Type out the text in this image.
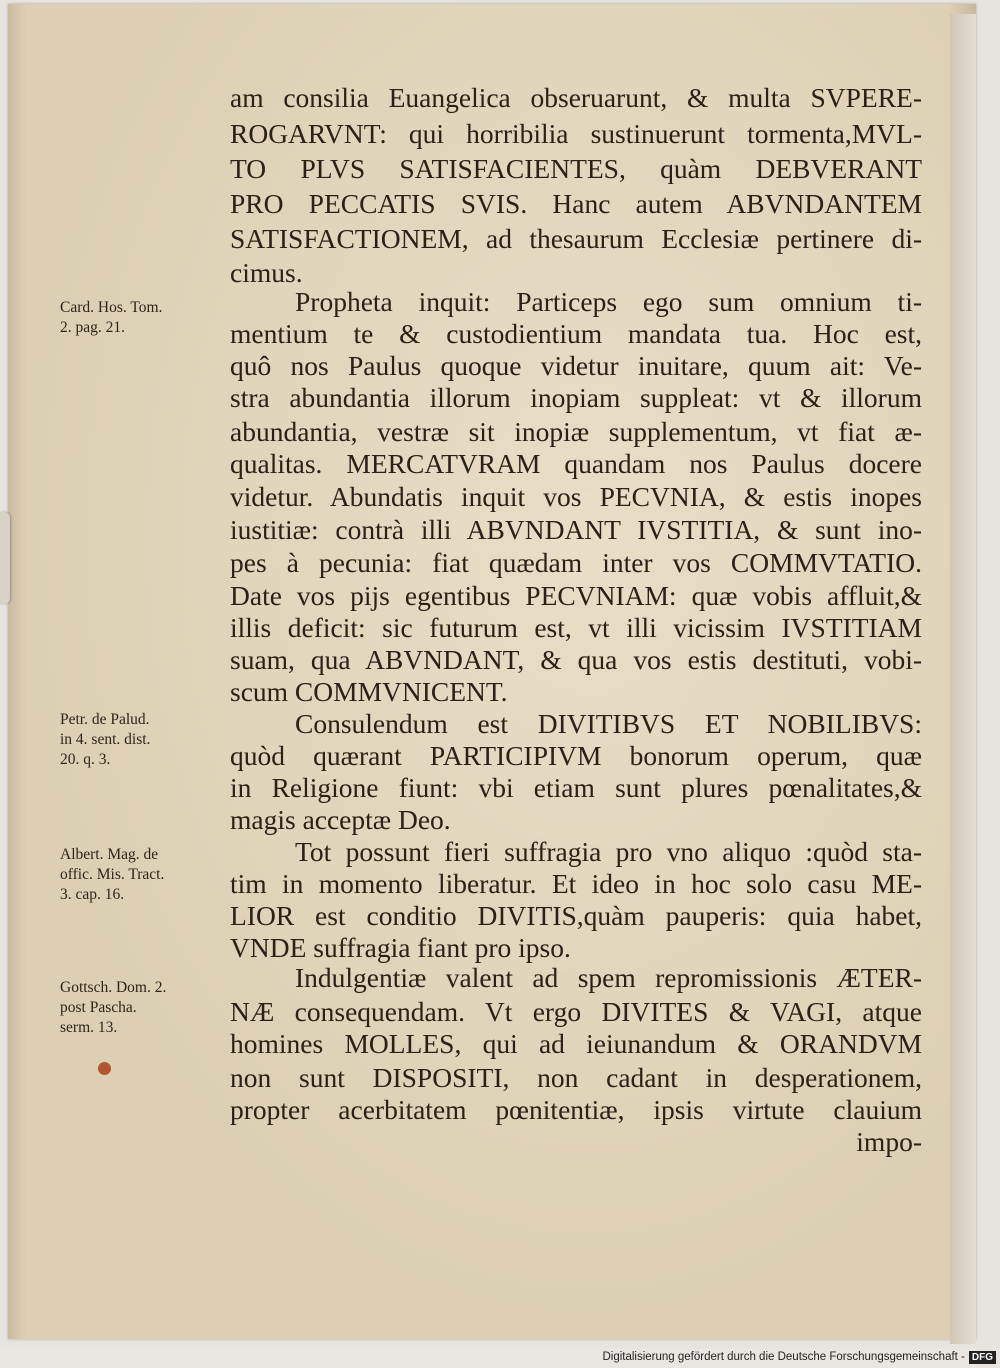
am consilia Euangelica obseruarunt, & multa SVPERE-
ROGARVNT: qui horribilia sustinuerunt tormenta,MVL-
TO PLVS SATISFACIENTES, quàm DEBVERANT
PRO PECCATIS SVIS. Hanc autem ABVNDANTEM
SATISFACTIONEM, ad thesaurum Ecclesiæ pertinere di-
cimus.
Propheta inquit: Particeps ego sum omnium ti-
mentium te & custodientium mandata tua. Hoc est,
quô nos Paulus quoque videtur inuitare, quum ait: Ve-
stra abundantia illorum inopiam suppleat: vt & illorum
abundantia, vestræ sit inopiæ supplementum, vt fiat æ-
qualitas. MERCATVRAM quandam nos Paulus docere
videtur. Abundatis inquit vos PECVNIA, & estis inopes
iustitiæ: contrà illi ABVNDANT IVSTITIA, & sunt ino-
pes à pecunia: fiat quædam inter vos COMMVTATIO.
Date vos pijs egentibus PECVNIAM: quæ vobis affluit,&
illis deficit: sic futurum est, vt illi vicissim IVSTITIAM
suam, qua ABVNDANT, & qua vos estis destituti, vobi-
scum COMMVNICENT.
Consulendum est DIVITIBVS ET NOBILIBVS:
quòd quærant PARTICIPIVM bonorum operum, quæ
in Religione fiunt: vbi etiam sunt plures pœnalitates,&
magis acceptæ Deo.
Tot possunt fieri suffragia pro vno aliquo :quòd sta-
tim in momento liberatur. Et ideo in hoc solo casu ME-
LIOR est conditio DIVITIS,quàm pauperis: quia habet,
VNDE suffragia fiant pro ipso.
Indulgentiæ valent ad spem repromissionis ÆTER-
NÆ consequendam. Vt ergo DIVITES & VAGI, atque
homines MOLLES, qui ad ieiunandum & ORANDVM
non sunt DISPOSITI, non cadant in desperationem,
propter acerbitatem pœnitentiæ, ipsis virtute clauium
impo-
Card. Hos. Tom.
2. pag. 21.
Petr. de Palud.
in 4. sent. dist.
20. q. 3.
Albert. Mag. de
offic. Mis. Tract.
3. cap. 16.
Gottsch. Dom. 2.
post Pascha.
serm. 13.
Digitalisierung gefördert durch die Deutsche Forschungsgemeinschaft - DFG
